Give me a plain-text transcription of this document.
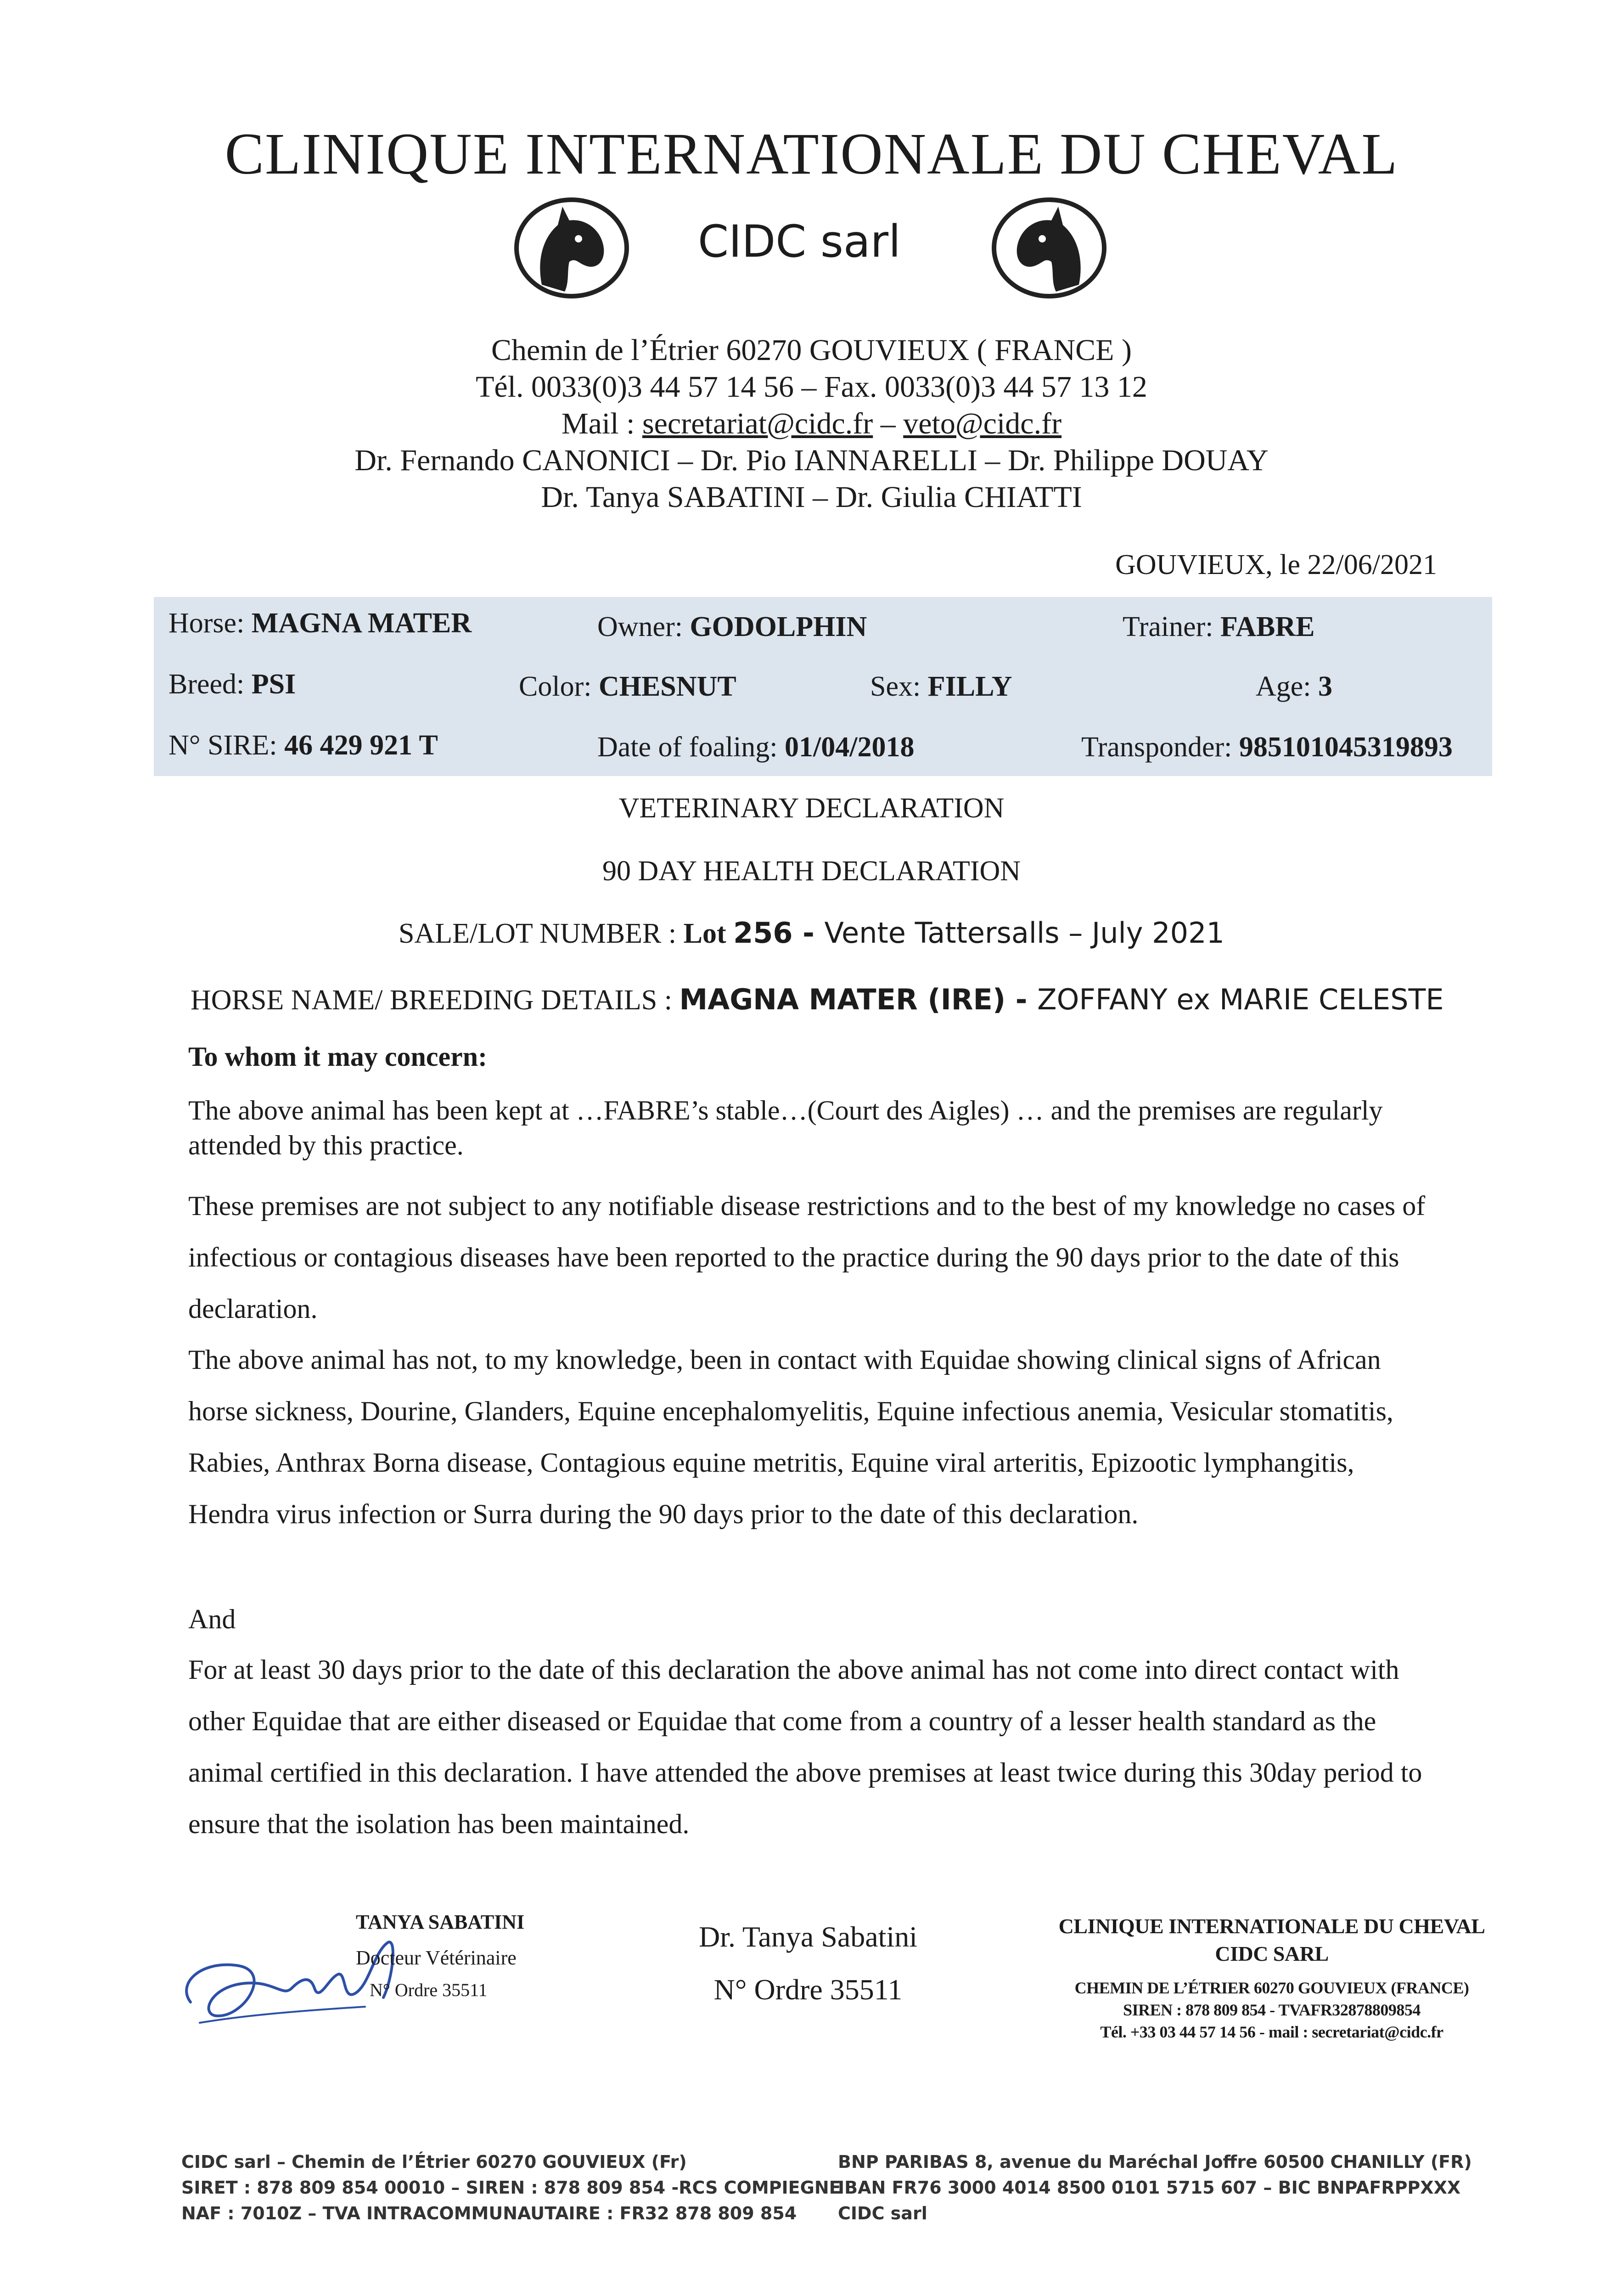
CLINIQUE INTERNATIONALE DU CHEVAL
CIDC sarl
Chemin de l’Étrier 60270 GOUVIEUX ( FRANCE )
Tél. 0033(0)3 44 57 14 56 – Fax. 0033(0)3 44 57 13 12
Mail : secretariat@cidc.fr – veto@cidc.fr
Dr. Fernando CANONICI – Dr. Pio IANNARELLI – Dr. Philippe DOUAY
Dr. Tanya SABATINI – Dr. Giulia CHIATTI
GOUVIEUX, le 22/06/2021
Horse: MAGNA MATER	Owner: GODOLPHIN	Trainer: FABRE
Breed: PSI	Color: CHESNUT	Sex: FILLY	Age: 3
N° SIRE: 46 429 921 T	Date of foaling: 01/04/2018	Transponder: 985101045319893
VETERINARY DECLARATION
90 DAY HEALTH DECLARATION
SALE/LOT NUMBER : Lot 256 - Vente Tattersalls – July 2021
HORSE NAME/ BREEDING DETAILS : MAGNA MATER (IRE) - ZOFFANY ex MARIE CELESTE
To whom it may concern:
The above animal has been kept at …FABRE’s stable…(Court des Aigles) … and the premises are regularly attended by this practice.
These premises are not subject to any notifiable disease restrictions and to the best of my knowledge no cases of infectious or contagious diseases have been reported to the practice during the 90 days prior to the date of this declaration.
The above animal has not, to my knowledge, been in contact with Equidae showing clinical signs of African horse sickness, Dourine, Glanders, Equine encephalomyelitis, Equine infectious anemia, Vesicular stomatitis, Rabies, Anthrax Borna disease, Contagious equine metritis, Equine viral arteritis, Epizootic lymphangitis, Hendra virus infection or Surra during the 90 days prior to the date of this declaration.
And
For at least 30 days prior to the date of this declaration the above animal has not come into direct contact with other Equidae that are either diseased or Equidae that come from a country of a lesser health standard as the animal certified in this declaration. I have attended the above premises at least twice during this 30day period to ensure that the isolation has been maintained.
TANYA SABATINI
Docteur Vétérinaire
N° Ordre 35511
Dr. Tanya Sabatini
N° Ordre 35511
CLINIQUE INTERNATIONALE DU CHEVAL
CIDC SARL
CHEMIN DE L’ÉTRIER 60270 GOUVIEUX (FRANCE)
SIREN : 878 809 854 - TVAFR32878809854
Tél. +33 03 44 57 14 56 - mail : secretariat@cidc.fr
CIDC sarl – Chemin de l’Étrier 60270 GOUVIEUX (Fr)
SIRET : 878 809 854 00010 – SIREN : 878 809 854 -RCS COMPIEGNE
NAF : 7010Z – TVA INTRACOMMUNAUTAIRE : FR32 878 809 854
BNP PARIBAS 8, avenue du Maréchal Joffre 60500 CHANILLY (FR)
IBAN FR76 3000 4014 8500 0101 5715 607 – BIC BNPAFRPPXXX
CIDC sarl
